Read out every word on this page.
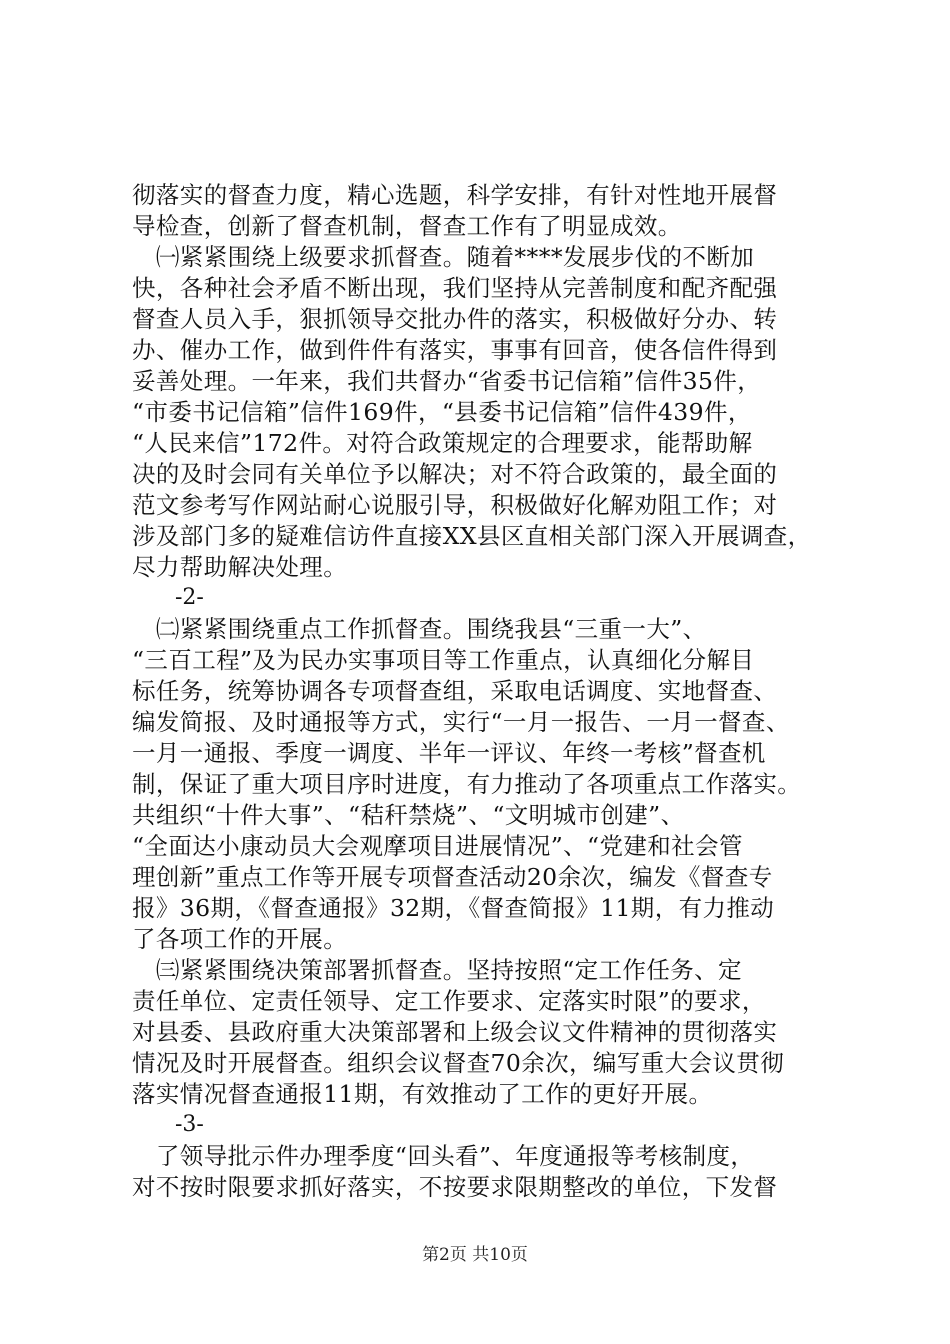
彻落实的督查力度，精心选题，科学安排，有针对性地开展督
导检查，创新了督查机制，督查工作有了明显成效。
　㈠紧紧围绕上级要求抓督查。随着****发展步伐的不断加
快，各种社会矛盾不断出现，我们坚持从完善制度和配齐配强
督查人员入手，狠抓领导交批办件的落实，积极做好分办、转
办、催办工作，做到件件有落实，事事有回音，使各信件得到
妥善处理。一年来，我们共督办“省委书记信箱”信件35件，
“市委书记信箱”信件169件，“县委书记信箱”信件439件，
“人民来信”172件。对符合政策规定的合理要求，能帮助解
决的及时会同有关单位予以解决；对不符合政策的，最全面的
范文参考写作网站耐心说服引导，积极做好化解劝阻工作；对
涉及部门多的疑难信访件直接XX县区直相关部门深入开展调查，
尽力帮助解决处理。
-2-
　㈡紧紧围绕重点工作抓督查。围绕我县“三重一大”、
“三百工程”及为民办实事项目等工作重点，认真细化分解目
标任务，统筹协调各专项督查组，采取电话调度、实地督查、
编发简报、及时通报等方式，实行“一月一报告、一月一督查、
一月一通报、季度一调度、半年一评议、年终一考核”督查机
制，保证了重大项目序时进度，有力推动了各项重点工作落实。
共组织“十件大事”、“秸秆禁烧”、“文明城市创建”、
“全面达小康动员大会观摩项目进展情况”、“党建和社会管
理创新”重点工作等开展专项督查活动20余次，编发《督查专
报》36期，《督查通报》32期，《督查简报》11期，有力推动
了各项工作的开展。
　㈢紧紧围绕决策部署抓督查。坚持按照“定工作任务、定
责任单位、定责任领导、定工作要求、定落实时限”的要求，
对县委、县政府重大决策部署和上级会议文件精神的贯彻落实
情况及时开展督查。组织会议督查70余次，编写重大会议贯彻
落实情况督查通报11期，有效推动了工作的更好开展。
-3-
　了领导批示件办理季度“回头看”、年度通报等考核制度，
对不按时限要求抓好落实，不按要求限期整改的单位，下发督
第2页 共10页
